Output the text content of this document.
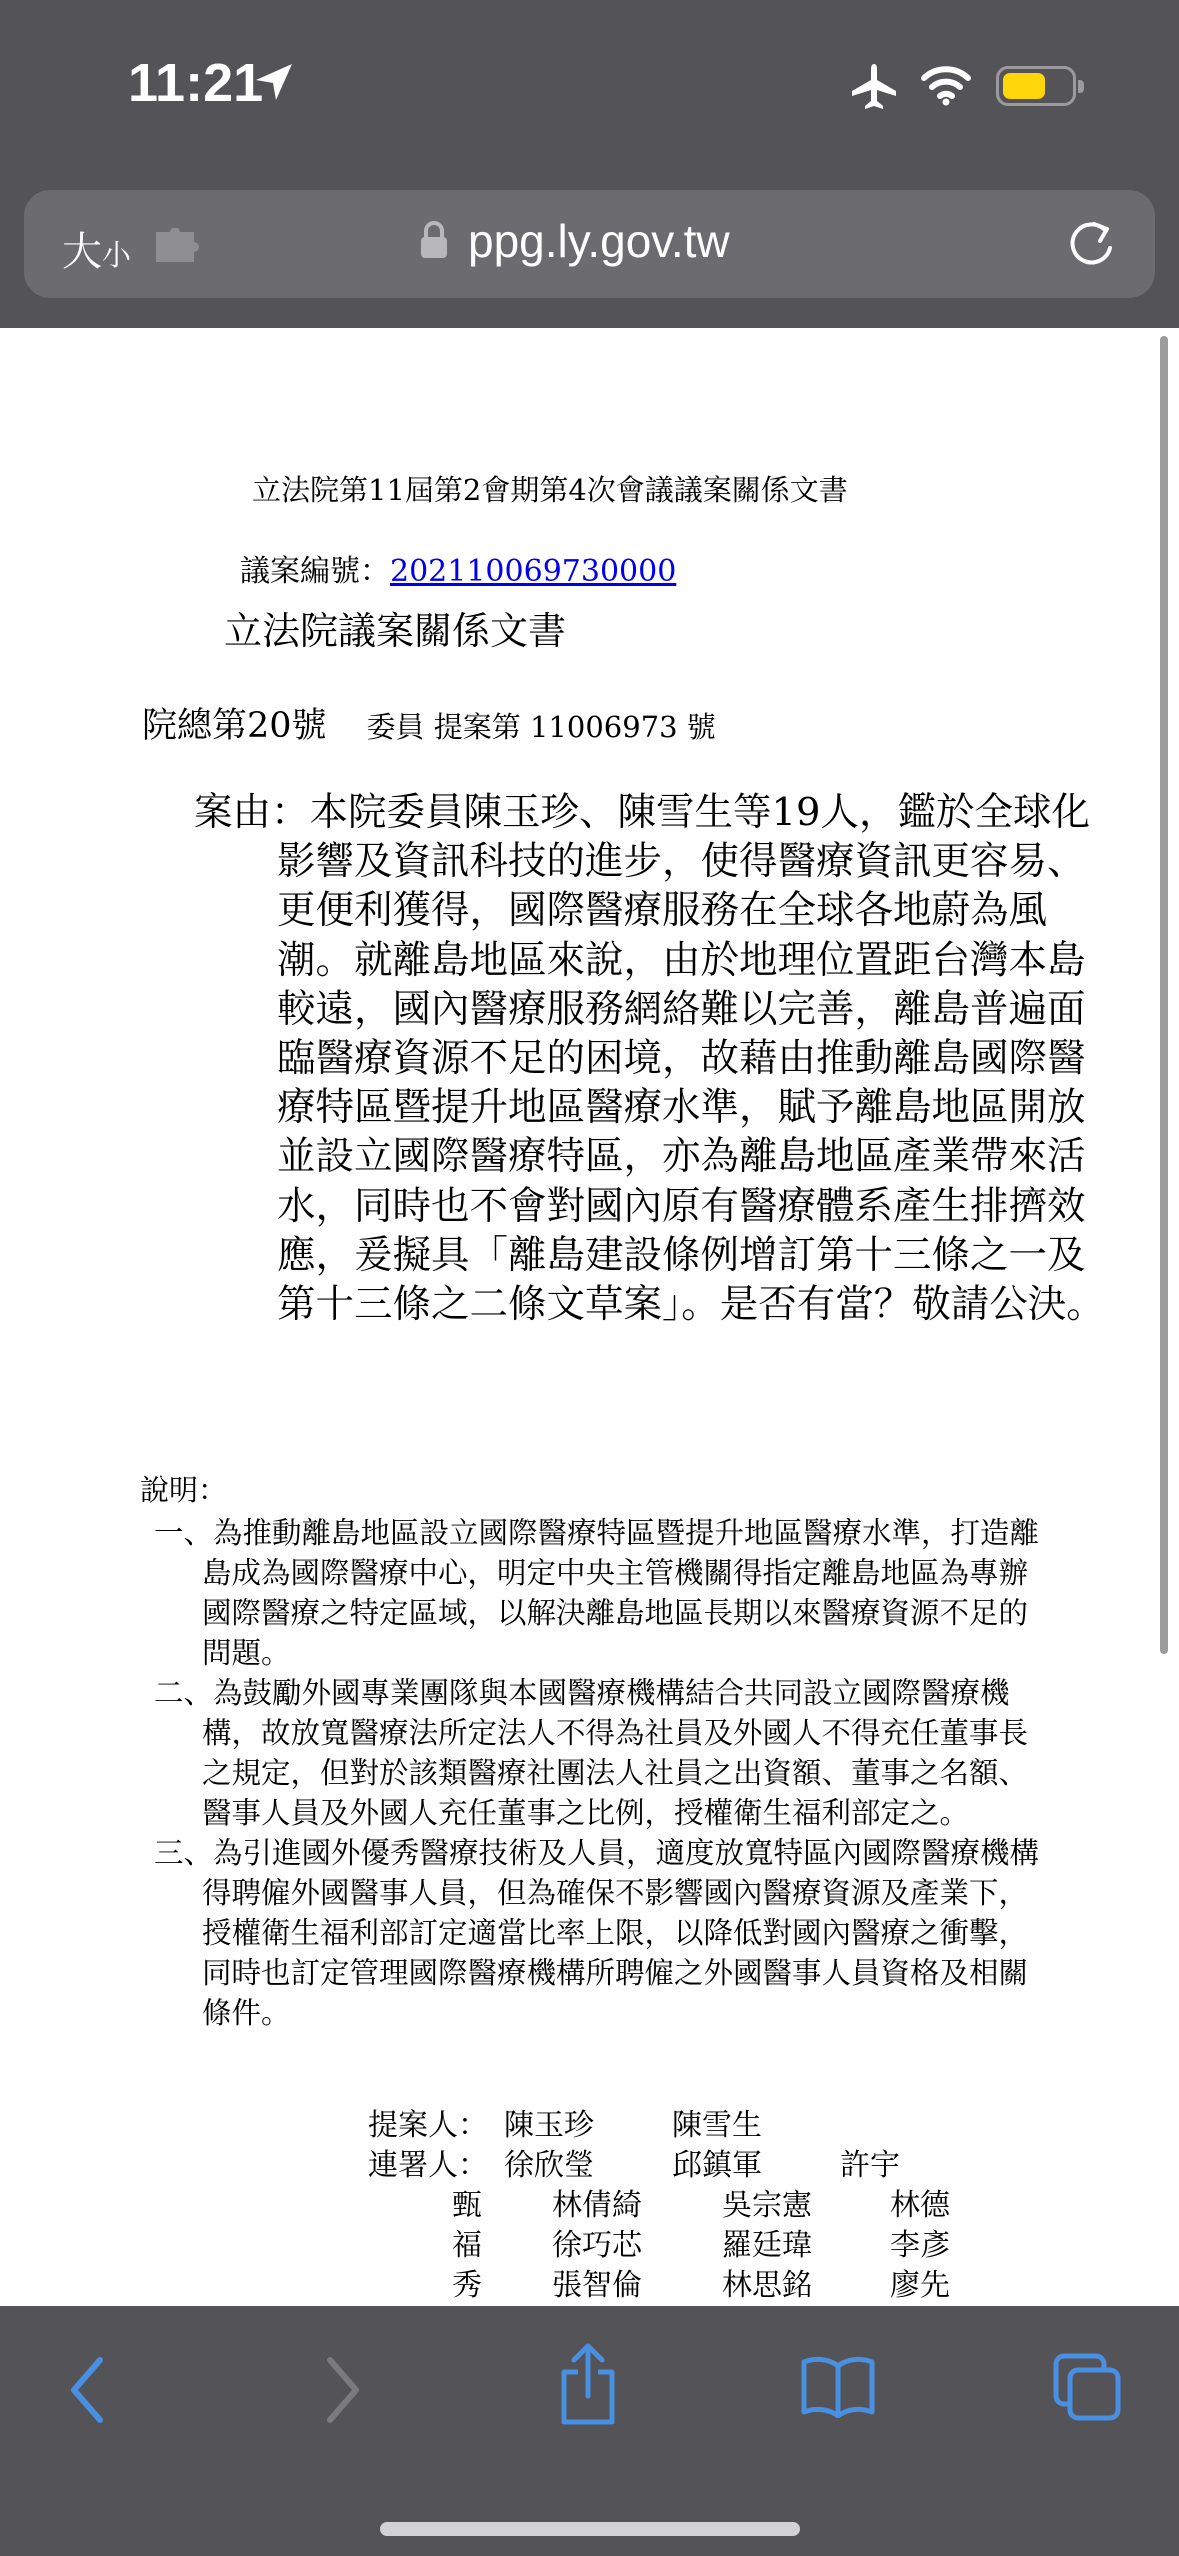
11:21
大小	ppg.ly.gov.tw
立法院第11屆第2會期第4次會議議案關係文書
議案編號：202110069730000
立法院議案關係文書
院總第20號 委員 提案第 11006973 號
案由：本院委員陳玉珍、陳雪生等19人，鑑於全球化影響及資訊科技的進步，使得醫療資訊更容易、更便利獲得，國際醫療服務在全球各地蔚為風潮。就離島地區來說，由於地理位置距台灣本島較遠，國內醫療服務網絡難以完善，離島普遍面臨醫療資源不足的困境，故藉由推動離島國際醫療特區暨提升地區醫療水準，賦予離島地區開放並設立國際醫療特區，亦為離島地區產業帶來活水，同時也不會對國內原有醫療體系產生排擠效應，爰擬具「離島建設條例增訂第十三條之一及第十三條之二條文草案」。是否有當？敬請公決。
說明：
一、為推動離島地區設立國際醫療特區暨提升地區醫療水準，打造離島成為國際醫療中心，明定中央主管機關得指定離島地區為專辦國際醫療之特定區域，以解決離島地區長期以來醫療資源不足的問題。
二、為鼓勵外國專業團隊與本國醫療機構結合共同設立國際醫療機構，故放寬醫療法所定法人不得為社員及外國人不得充任董事長之規定，但對於該類醫療社團法人社員之出資額、董事之名額、醫事人員及外國人充任董事之比例，授權衛生福利部定之。
三、為引進國外優秀醫療技術及人員，適度放寬特區內國際醫療機構得聘僱外國醫事人員，但為確保不影響國內醫療資源及產業下，授權衛生福利部訂定適當比率上限，以降低對國內醫療之衝擊，同時也訂定管理國際醫療機構所聘僱之外國醫事人員資格及相關條件。
提案人： 陳玉珍	陳雪生
連署人： 徐欣瑩	邱鎮軍	許宇
甄 林倩綺	吳宗憲	林德
福 徐巧芯	羅廷瑋	李彥
秀 張智倫	林思銘	廖先
